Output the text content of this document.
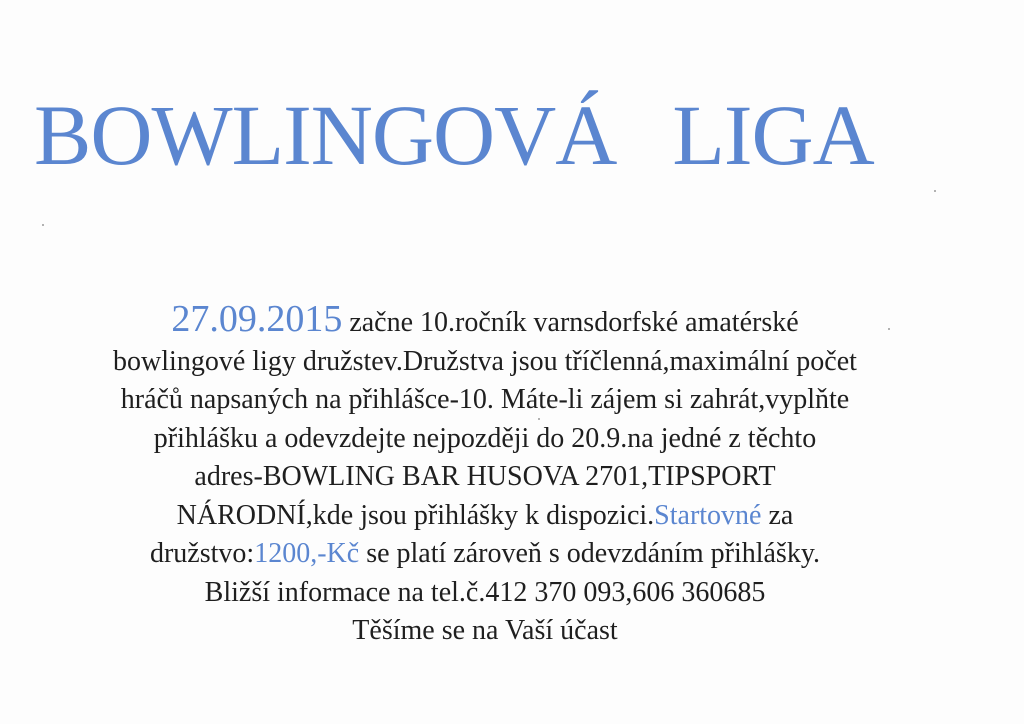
BOWLINGOVÁ LIGA
27.09.2015 začne 10.ročník varnsdorfské amatérské
bowlingové ligy družstev.Družstva jsou tříčlenná,maximální počet
hráčů napsaných na přihlášce-10. Máte-li zájem si zahrát,vyplňte
přihlášku a odevzdejte nejpozději do 20.9.na jedné z těchto
adres-BOWLING BAR HUSOVA 2701,TIPSPORT
NÁRODNÍ,kde jsou přihlášky k dispozici.Startovné za
družstvo:1200,-Kč se platí zároveň s odevzdáním přihlášky.
Bližší informace na tel.č.412 370 093,606 360685
Těšíme se na Vaší účast
